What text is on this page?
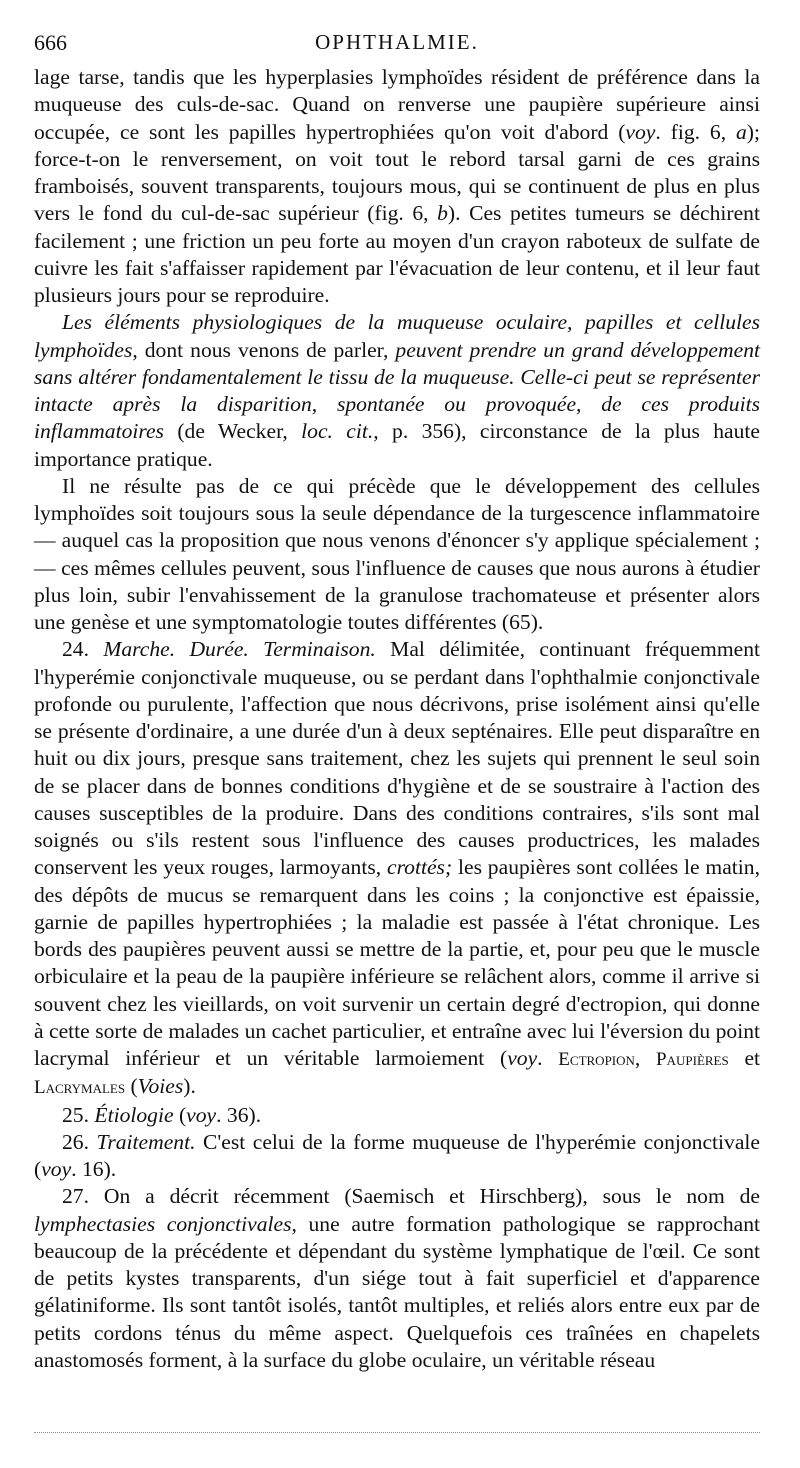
666	OPHTHALMIE.

lage tarse, tandis que les hyperplasies lymphoïdes résident de préférence dans la muqueuse des culs-de-sac. Quand on renverse une paupière supérieure ainsi occupée, ce sont les papilles hypertrophiées qu'on voit d'abord (voy. fig. 6, a); force-t-on le renversement, on voit tout le rebord tarsal garni de ces grains framboisés, souvent transparents, toujours mous, qui se continuent de plus en plus vers le fond du cul-de-sac supérieur (fig. 6, b). Ces petites tumeurs se déchirent facilement ; une friction un peu forte au moyen d'un crayon raboteux de sulfate de cuivre les fait s'affaisser rapidement par l'évacuation de leur contenu, et il leur faut plusieurs jours pour se reproduire.

Les éléments physiologiques de la muqueuse oculaire, papilles et cellules lymphoïdes, dont nous venons de parler, peuvent prendre un grand développement sans altérer fondamentalement le tissu de la muqueuse. Celle-ci peut se représenter intacte après la disparition, spontanée ou provoquée, de ces produits inflammatoires (de Wecker, loc. cit., p. 356), circonstance de la plus haute importance pratique.

Il ne résulte pas de ce qui précède que le développement des cellules lymphoïdes soit toujours sous la seule dépendance de la turgescence inflammatoire — auquel cas la proposition que nous venons d'énoncer s'y applique spécialement ; — ces mêmes cellules peuvent, sous l'influence de causes que nous aurons à étudier plus loin, subir l'envahissement de la granulose trachomateuse et présenter alors une genèse et une symptomatologie toutes différentes (65).

24. Marche. Durée. Terminaison. Mal délimitée, continuant fréquemment l'hyperémie conjonctivale muqueuse, ou se perdant dans l'ophthalmie conjonctivale profonde ou purulente, l'affection que nous décrivons, prise isolément ainsi qu'elle se présente d'ordinaire, a une durée d'un à deux septénaires. Elle peut disparaître en huit ou dix jours, presque sans traitement, chez les sujets qui prennent le seul soin de se placer dans de bonnes conditions d'hygiène et de se soustraire à l'action des causes susceptibles de la produire. Dans des conditions contraires, s'ils sont mal soignés ou s'ils restent sous l'influence des causes productrices, les malades conservent les yeux rouges, larmoyants, crottés; les paupières sont collées le matin, des dépôts de mucus se remarquent dans les coins ; la conjonctive est épaissie, garnie de papilles hypertrophiées ; la maladie est passée à l'état chronique. Les bords des paupières peuvent aussi se mettre de la partie, et, pour peu que le muscle orbiculaire et la peau de la paupière inférieure se relâchent alors, comme il arrive si souvent chez les vieillards, on voit survenir un certain degré d'ectropion, qui donne à cette sorte de malades un cachet particulier, et entraîne avec lui l'éversion du point lacrymal inférieur et un véritable larmoiement (voy. Ectropion, Paupières et Lacrymales (Voies).

25. Étiologie (voy. 36).

26. Traitement. C'est celui de la forme muqueuse de l'hyperémie conjonctivale (voy. 16).

27. On a décrit récemment (Saemisch et Hirschberg), sous le nom de lymphectasies conjonctivales, une autre formation pathologique se rapprochant beaucoup de la précédente et dépendant du système lymphatique de l'œil. Ce sont de petits kystes transparents, d'un siége tout à fait superficiel et d'apparence gélatiniforme. Ils sont tantôt isolés, tantôt multiples, et reliés alors entre eux par de petits cordons ténus du même aspect. Quelquefois ces traînées en chapelets anastomosés forment, à la surface du globe oculaire, un véritable réseau
